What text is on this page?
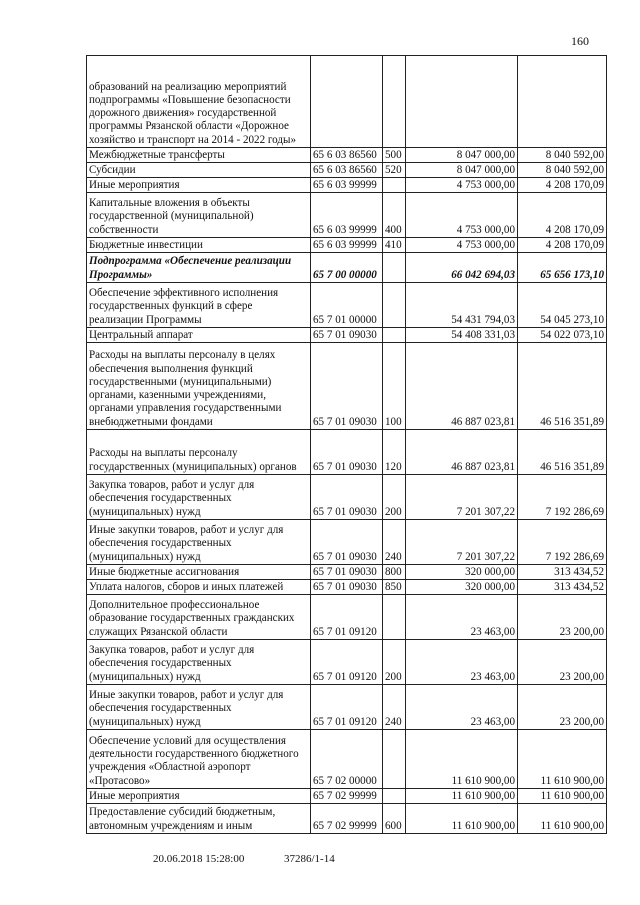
160
образований на реализацию мероприятий подпрограммы «Повышение безопасности дорожного движения» государственной программы Рязанской области «Дорожное хозяйство и транспорт на 2014 - 2022 годы»				
Межбюджетные трансферты	65 6 03 86560	500	8 047 000,00	8 040 592,00
Субсидии	65 6 03 86560	520	8 047 000,00	8 040 592,00
Иные мероприятия	65 6 03 99999		4 753 000,00	4 208 170,09
Капитальные вложения в объекты государственной (муниципальной) собственности	65 6 03 99999	400	4 753 000,00	4 208 170,09
Бюджетные инвестиции	65 6 03 99999	410	4 753 000,00	4 208 170,09
Подпрограмма «Обеспечение реализации Программы»	65 7 00 00000		66 042 694,03	65 656 173,10
Обеспечение эффективного исполнения государственных функций в сфере реализации Программы	65 7 01 00000		54 431 794,03	54 045 273,10
Центральный аппарат	65 7 01 09030		54 408 331,03	54 022 073,10
Расходы на выплаты персоналу в целях обеспечения выполнения функций государственными (муниципальными) органами, казенными учреждениями, органами управления государственными внебюджетными фондами	65 7 01 09030	100	46 887 023,81	46 516 351,89
Расходы на выплаты персоналу государственных (муниципальных) органов	65 7 01 09030	120	46 887 023,81	46 516 351,89
Закупка товаров, работ и услуг для обеспечения государственных (муниципальных) нужд	65 7 01 09030	200	7 201 307,22	7 192 286,69
Иные закупки товаров, работ и услуг для обеспечения государственных (муниципальных) нужд	65 7 01 09030	240	7 201 307,22	7 192 286,69
Иные бюджетные ассигнования	65 7 01 09030	800	320 000,00	313 434,52
Уплата налогов, сборов и иных платежей	65 7 01 09030	850	320 000,00	313 434,52
Дополнительное профессиональное образование государственных гражданских служащих Рязанской области	65 7 01 09120		23 463,00	23 200,00
Закупка товаров, работ и услуг для обеспечения государственных (муниципальных) нужд	65 7 01 09120	200	23 463,00	23 200,00
Иные закупки товаров, работ и услуг для обеспечения государственных (муниципальных) нужд	65 7 01 09120	240	23 463,00	23 200,00
Обеспечение условий для осуществления деятельности государственного бюджетного учреждения «Областной аэропорт «Протасово»	65 7 02 00000		11 610 900,00	11 610 900,00
Иные мероприятия	65 7 02 99999		11 610 900,00	11 610 900,00
Предоставление субсидий бюджетным, автономным учреждениям и иным	65 7 02 99999	600	11 610 900,00	11 610 900,00
20.06.2018 15:28:00	37286/1-14
